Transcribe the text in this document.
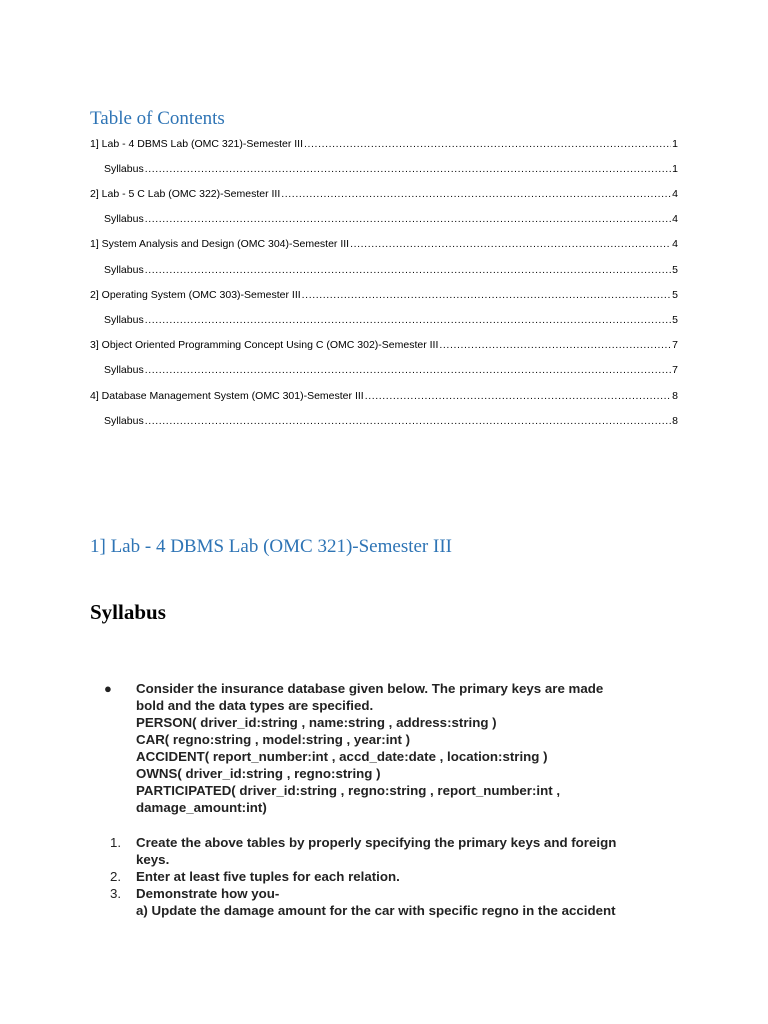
Table of Contents
1] Lab - 4 DBMS Lab (OMC 321)-Semester III .....	1
Syllabus .....	1
2] Lab - 5 C Lab (OMC 322)-Semester III .....	4
Syllabus .....	4
1] System Analysis and Design (OMC 304)-Semester III .....	4
Syllabus .....	5
2] Operating System (OMC 303)-Semester III .....	5
Syllabus .....	5
3] Object Oriented Programming Concept Using C (OMC 302)-Semester III .....	7
Syllabus .....	7
4] Database Management System (OMC 301)-Semester III .....	8
Syllabus .....	8
1] Lab - 4 DBMS Lab (OMC 321)-Semester III
Syllabus
● Consider the insurance database given below. The primary keys are made
bold and the data types are specified.
PERSON( driver_id:string , name:string , address:string )
CAR( regno:string , model:string , year:int )
ACCIDENT( report_number:int , accd_date:date , location:string )
OWNS( driver_id:string , regno:string )
PARTICIPATED( driver_id:string , regno:string , report_number:int ,
damage_amount:int)
1. Create the above tables by properly specifying the primary keys and foreign
keys.
2. Enter at least five tuples for each relation.
3. Demonstrate how you-
a) Update the damage amount for the car with specific regno in the accident
